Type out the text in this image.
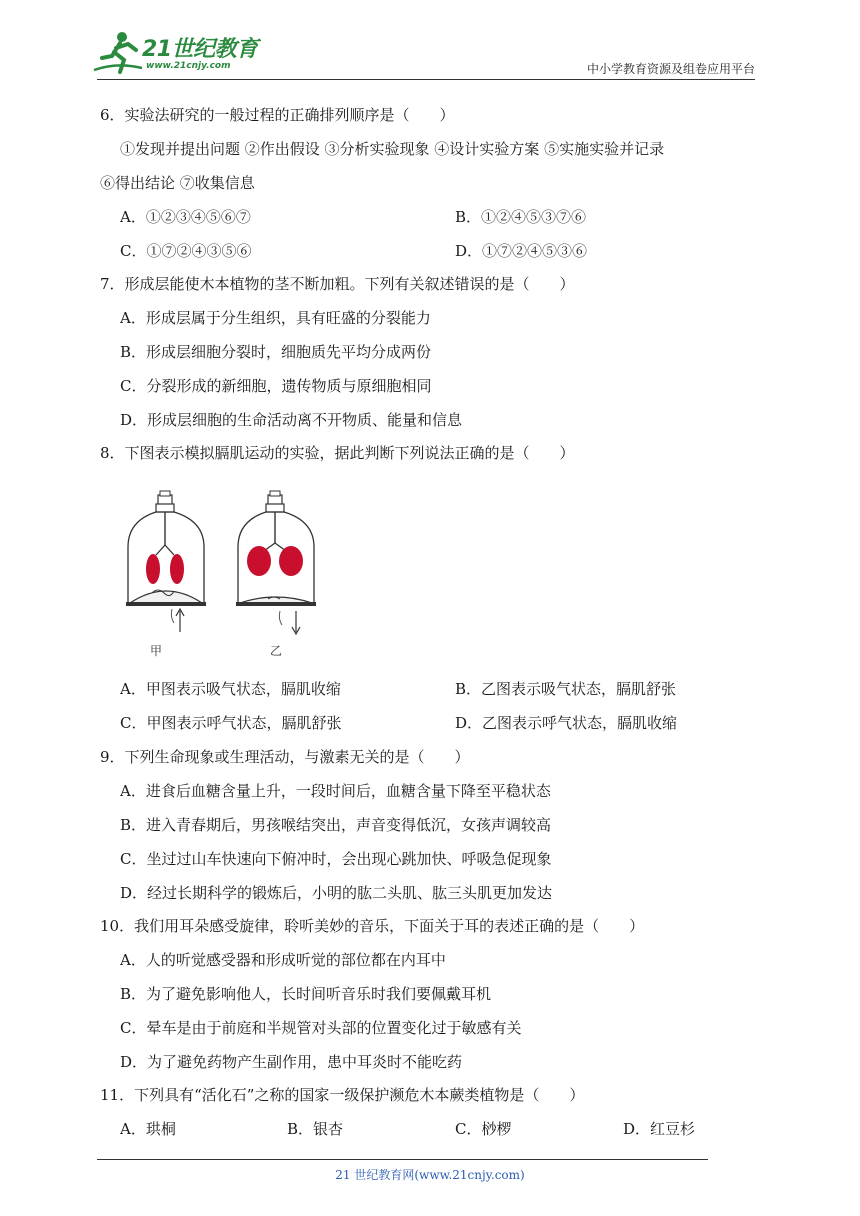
21世纪教育
www.21cnjy.com	中小学教育资源及组卷应用平台
6．实验法研究的一般过程的正确排列顺序是（　　）
①发现并提出问题 ②作出假设 ③分析实验现象 ④设计实验方案 ⑤实施实验并记录
⑥得出结论 ⑦收集信息
A．①②③④⑤⑥⑦	B．①②④⑤③⑦⑥
C．①⑦②④③⑤⑥	D．①⑦②④⑤③⑥
7．形成层能使木本植物的茎不断加粗。下列有关叙述错误的是（　　）
A．形成层属于分生组织，具有旺盛的分裂能力
B．形成层细胞分裂时，细胞质先平均分成两份
C．分裂形成的新细胞，遗传物质与原细胞相同
D．形成层细胞的生命活动离不开物质、能量和信息
8．下图表示模拟膈肌运动的实验，据此判断下列说法正确的是（　　）
甲	乙
A．甲图表示吸气状态，膈肌收缩	B．乙图表示吸气状态，膈肌舒张
C．甲图表示呼气状态，膈肌舒张	D．乙图表示呼气状态，膈肌收缩
9．下列生命现象或生理活动，与激素无关的是（　　）
A．进食后血糖含量上升，一段时间后，血糖含量下降至平稳状态
B．进入青春期后，男孩喉结突出，声音变得低沉，女孩声调较高
C．坐过过山车快速向下俯冲时，会出现心跳加快、呼吸急促现象
D．经过长期科学的锻炼后，小明的肱二头肌、肱三头肌更加发达
10．我们用耳朵感受旋律，聆听美妙的音乐，下面关于耳的表述正确的是（　　）
A．人的听觉感受器和形成听觉的部位都在内耳中
B．为了避免影响他人，长时间听音乐时我们要佩戴耳机
C．晕车是由于前庭和半规管对头部的位置变化过于敏感有关
D．为了避免药物产生副作用，患中耳炎时不能吃药
11．下列具有“活化石”之称的国家一级保护濒危木本蕨类植物是（　　）
A．珙桐	B．银杏	C．桫椤	D．红豆杉
21 世纪教育网(www.21cnjy.com)
